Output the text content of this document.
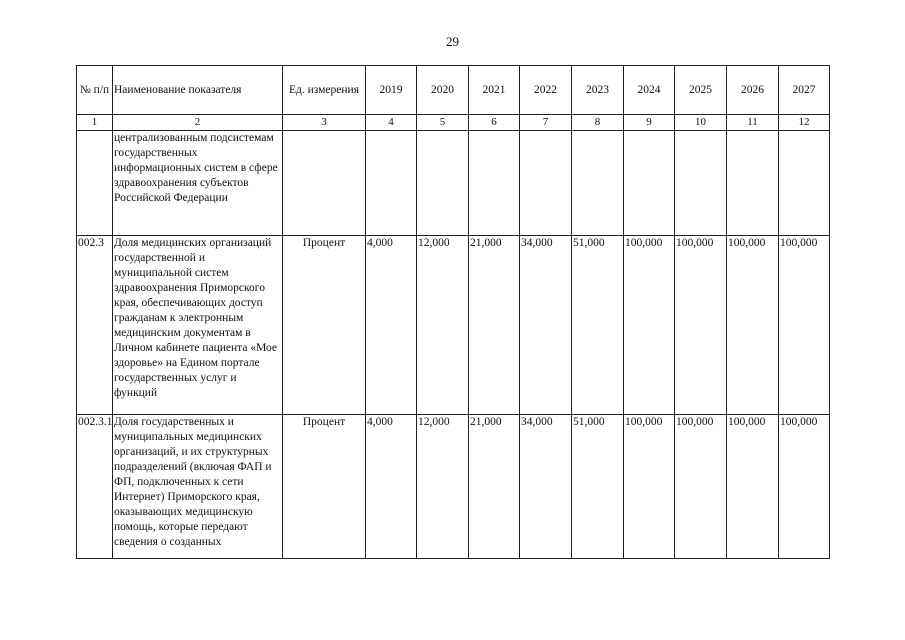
29
№ п/п	Наименование показателя	Ед. измерения	2019	2020	2021	2022	2023	2024	2025	2026	2027
1	2	3	4	5	6	7	8	9	10	11	12

	централизованным подсистемам государственных информационных систем в сфере здравоохранения субъектов Российской Федерации										

002.3	Доля медицинских организаций государственной и муниципальной систем здравоохранения Приморского края, обеспечивающих доступ гражданам к электронным медицинским документам в Личном кабинете пациента «Мое здоровье» на Едином портале государственных услуг и функций	Процент	4,000	12,000	21,000	34,000	51,000	100,000	100,000	100,000	100,000
002.3.1	Доля государственных и муниципальных медицинских организаций, и их структурных подразделений (включая ФАП и ФП, подключенных к сети Интернет) Приморского края, оказывающих медицинскую помощь, которые передают сведения о созданных	Процент	4,000	12,000	21,000	34,000	51,000	100,000	100,000	100,000	100,000
